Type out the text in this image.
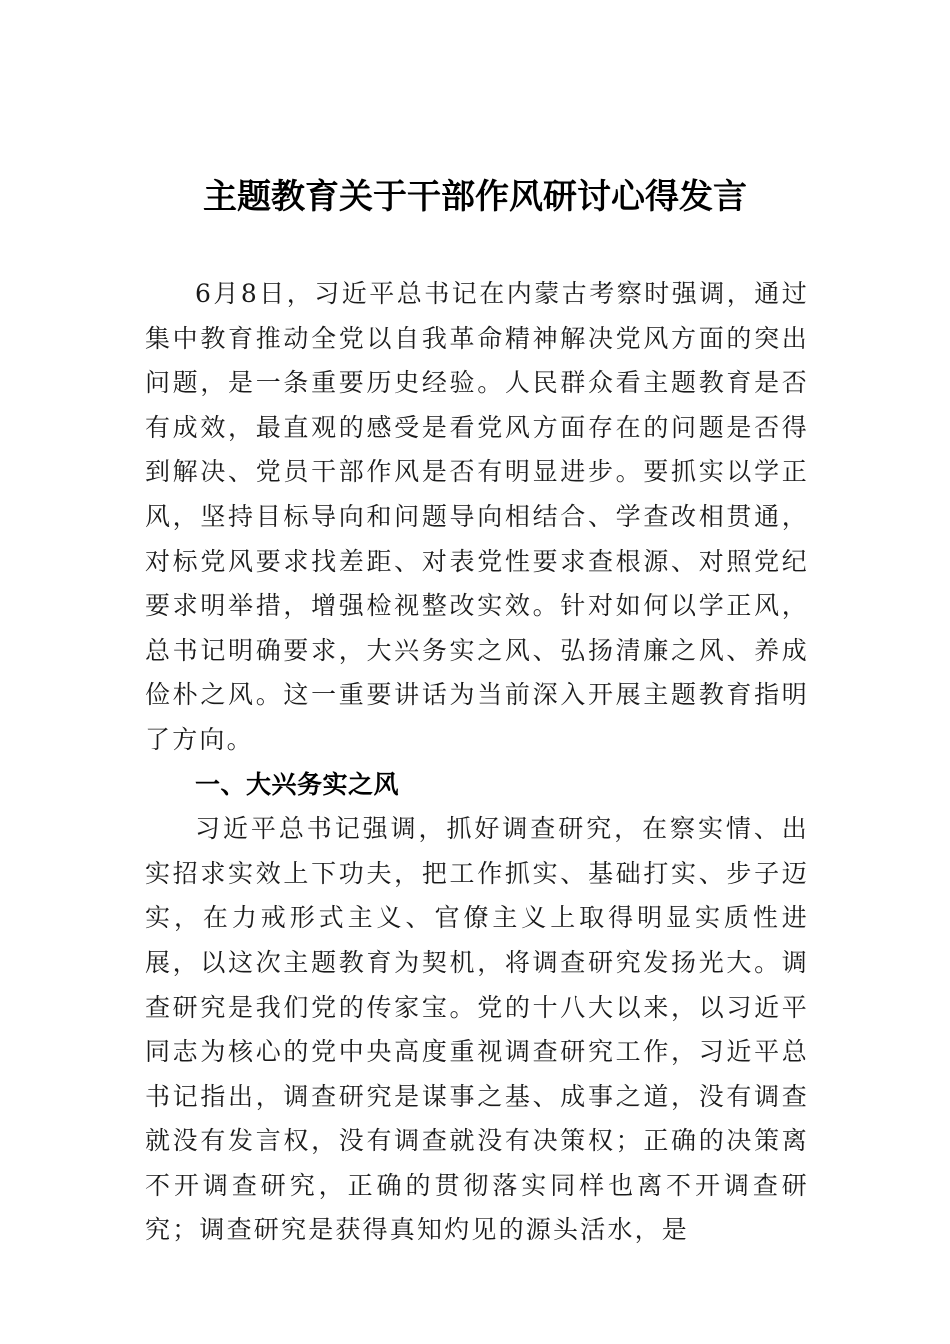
主题教育关于干部作风研讨心得发言

6月8日，习近平总书记在内蒙古考察时强调，通过集中教育推动全党以自我革命精神解决党风方面的突出问题，是一条重要历史经验。人民群众看主题教育是否有成效，最直观的感受是看党风方面存在的问题是否得到解决、党员干部作风是否有明显进步。要抓实以学正风，坚持目标导向和问题导向相结合、学查改相贯通，对标党风要求找差距、对表党性要求查根源、对照党纪要求明举措，增强检视整改实效。针对如何以学正风，总书记明确要求，大兴务实之风、弘扬清廉之风、养成俭朴之风。这一重要讲话为当前深入开展主题教育指明了方向。

一、大兴务实之风

习近平总书记强调，抓好调查研究，在察实情、出实招求实效上下功夫，把工作抓实、基础打实、步子迈实，在力戒形式主义、官僚主义上取得明显实质性进展，以这次主题教育为契机，将调查研究发扬光大。调查研究是我们党的传家宝。党的十八大以来，以习近平同志为核心的党中央高度重视调查研究工作，习近平总书记指出，调查研究是谋事之基、成事之道，没有调查就没有发言权，没有调查就没有决策权；正确的决策离不开调查研究，正确的贯彻落实同样也离不开调查研究；调查研究是获得真知灼见的源头活水，是
